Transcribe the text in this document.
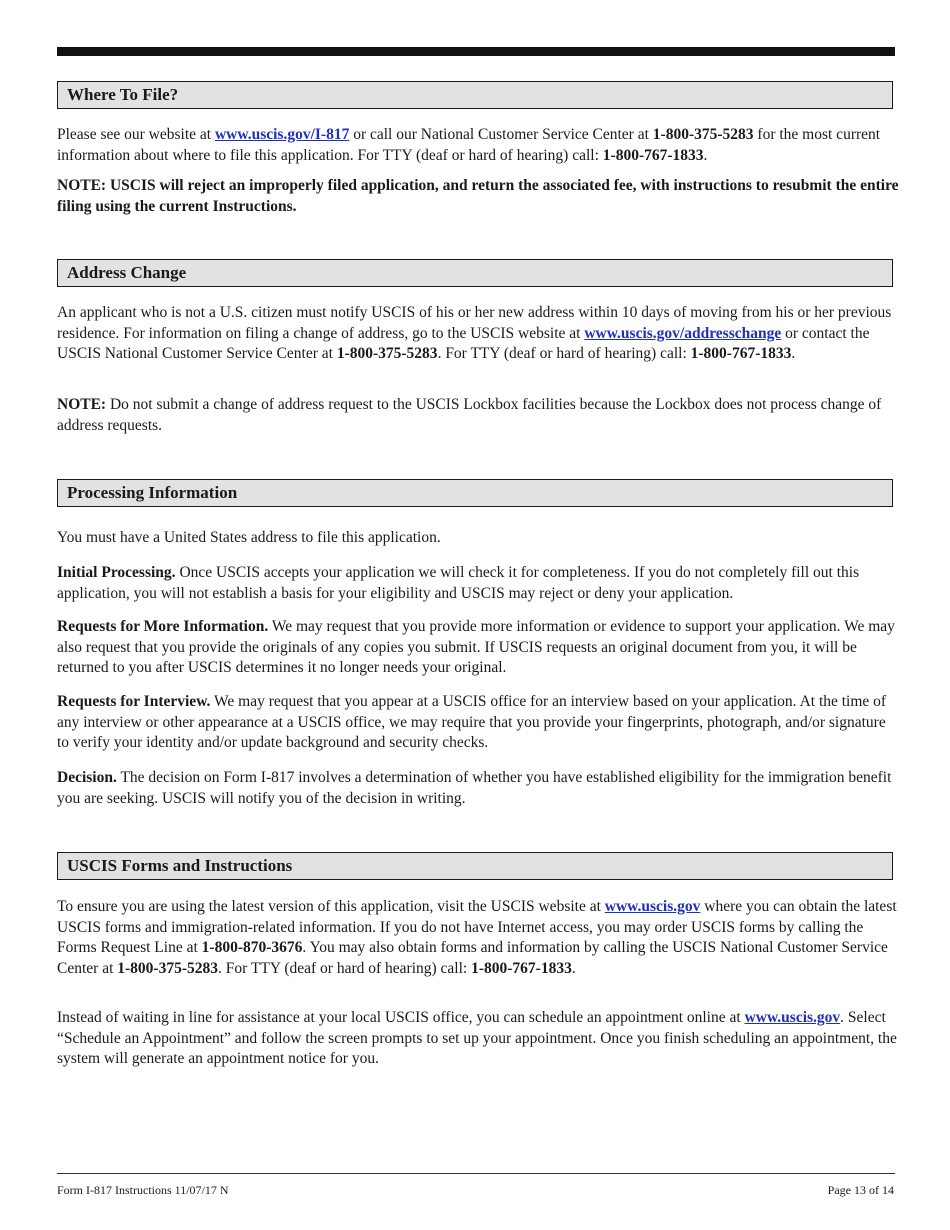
Where To File?

Please see our website at www.uscis.gov/I-817 or call our National Customer Service Center at 1-800-375-5283 for the most current information about where to file this application. For TTY (deaf or hard of hearing) call: 1-800-767-1833.

NOTE: USCIS will reject an improperly filed application, and return the associated fee, with instructions to resubmit the entire filing using the current Instructions.

Address Change

An applicant who is not a U.S. citizen must notify USCIS of his or her new address within 10 days of moving from his or her previous residence. For information on filing a change of address, go to the USCIS website at www.uscis.gov/addresschange or contact the USCIS National Customer Service Center at 1-800-375-5283. For TTY (deaf or hard of hearing) call: 1-800-767-1833.

NOTE: Do not submit a change of address request to the USCIS Lockbox facilities because the Lockbox does not process change of address requests.

Processing Information

You must have a United States address to file this application.

Initial Processing. Once USCIS accepts your application we will check it for completeness. If you do not completely fill out this application, you will not establish a basis for your eligibility and USCIS may reject or deny your application.

Requests for More Information. We may request that you provide more information or evidence to support your application. We may also request that you provide the originals of any copies you submit. If USCIS requests an original document from you, it will be returned to you after USCIS determines it no longer needs your original.

Requests for Interview. We may request that you appear at a USCIS office for an interview based on your application. At the time of any interview or other appearance at a USCIS office, we may require that you provide your fingerprints, photograph, and/or signature to verify your identity and/or update background and security checks.

Decision. The decision on Form I-817 involves a determination of whether you have established eligibility for the immigration benefit you are seeking. USCIS will notify you of the decision in writing.

USCIS Forms and Instructions

To ensure you are using the latest version of this application, visit the USCIS website at www.uscis.gov where you can obtain the latest USCIS forms and immigration-related information. If you do not have Internet access, you may order USCIS forms by calling the Forms Request Line at 1-800-870-3676. You may also obtain forms and information by calling the USCIS National Customer Service Center at 1-800-375-5283. For TTY (deaf or hard of hearing) call: 1-800-767-1833.

Instead of waiting in line for assistance at your local USCIS office, you can schedule an appointment online at www.uscis.gov. Select “Schedule an Appointment” and follow the screen prompts to set up your appointment. Once you finish scheduling an appointment, the system will generate an appointment notice for you.

Form I-817 Instructions 11/07/17 N	Page 13 of 14
